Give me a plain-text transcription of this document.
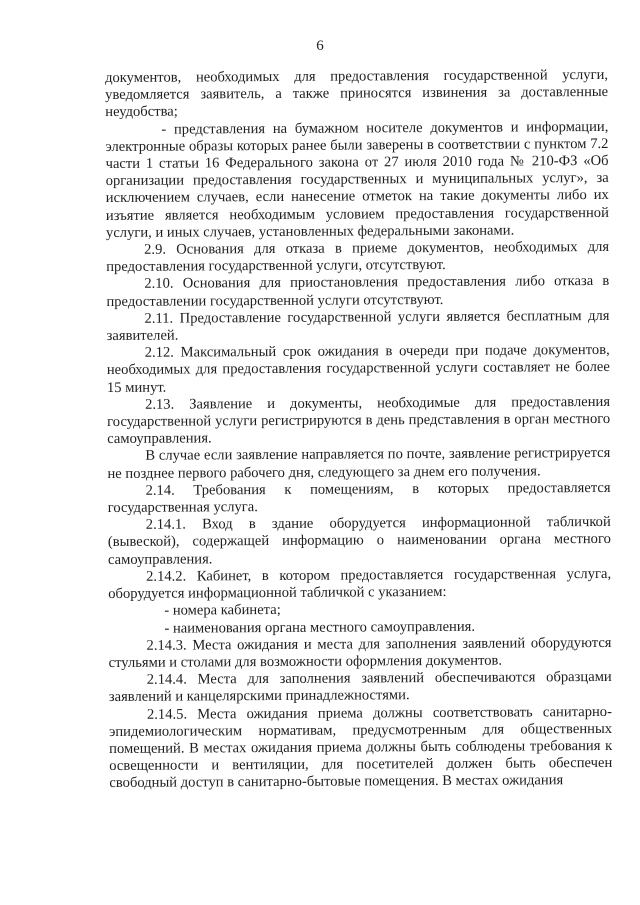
6

документов, необходимых для предоставления государственной услуги, уведомляется заявитель, а также приносятся извинения за доставленные неудобства;

- представления на бумажном носителе документов и информации, электронные образы которых ранее были заверены в соответствии с пунктом 7.2 части 1 статьи 16 Федерального закона от 27 июля 2010 года № 210-ФЗ «Об организации предоставления государственных и муниципальных услуг», за исключением случаев, если нанесение отметок на такие документы либо их изъятие является необходимым условием предоставления государственной услуги, и иных случаев, установленных федеральными законами.

2.9. Основания для отказа в приеме документов, необходимых для предоставления государственной услуги, отсутствуют.

2.10. Основания для приостановления предоставления либо отказа в предоставлении государственной услуги отсутствуют.

2.11. Предоставление государственной услуги является бесплатным для заявителей.

2.12. Максимальный срок ожидания в очереди при подаче документов, необходимых для предоставления государственной услуги составляет не более 15 минут.

2.13. Заявление и документы, необходимые для предоставления государственной услуги регистрируются в день представления в орган местного самоуправления.

В случае если заявление направляется по почте, заявление регистрируется не позднее первого рабочего дня, следующего за днем его получения.

2.14. Требования к помещениям, в которых предоставляется государственная услуга.

2.14.1. Вход в здание оборудуется информационной табличкой (вывеской), содержащей информацию о наименовании органа местного самоуправления.

2.14.2. Кабинет, в котором предоставляется государственная услуга, оборудуется информационной табличкой с указанием:

- номера кабинета;

- наименования органа местного самоуправления.

2.14.3. Места ожидания и места для заполнения заявлений оборудуются стульями и столами для возможности оформления документов.

2.14.4. Места для заполнения заявлений обеспечиваются образцами заявлений и канцелярскими принадлежностями.

2.14.5. Места ожидания приема должны соответствовать санитарно-эпидемиологическим нормативам, предусмотренным для общественных помещений. В местах ожидания приема должны быть соблюдены требования к освещенности и вентиляции, для посетителей должен быть обеспечен свободный доступ в санитарно-бытовые помещения. В местах ожидания
